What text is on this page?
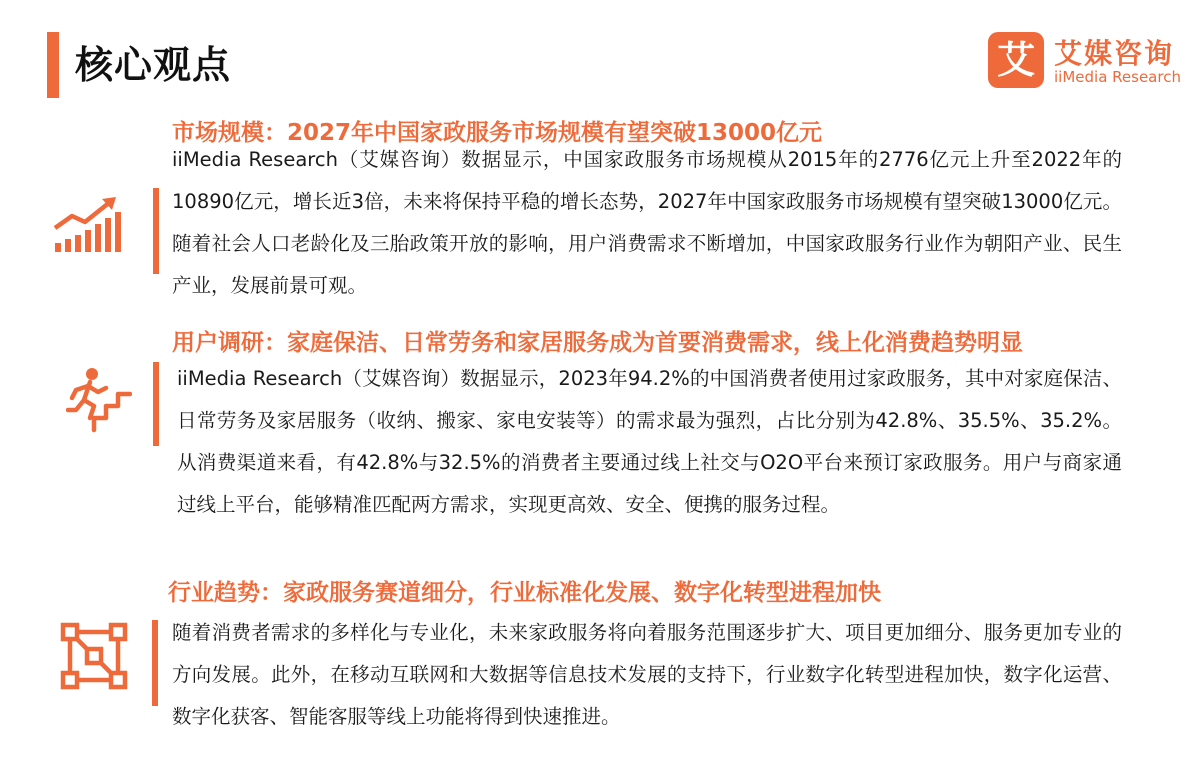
核心观点	艾 艾媒咨询
iiMedia Research
市场规模：2027年中国家政服务市场规模有望突破13000亿元

iiMedia Research（艾媒咨询）数据显示，中国家政服务市场规模从2015年的2776亿元上升至2022年的10890亿元，增长近3倍，未来将保持平稳的增长态势，2027年中国家政服务市场规模有望突破13000亿元。随着社会人口老龄化及三胎政策开放的影响，用户消费需求不断增加，中国家政服务行业作为朝阳产业、民生产业，发展前景可观。

用户调研：家庭保洁、日常劳务和家居服务成为首要消费需求，线上化消费趋势明显

iiMedia Research（艾媒咨询）数据显示，2023年94.2%的中国消费者使用过家政服务，其中对家庭保洁、日常劳务及家居服务（收纳、搬家、家电安装等）的需求最为强烈，占比分别为42.8%、35.5%、35.2%。从消费渠道来看，有42.8%与32.5%的消费者主要通过线上社交与O2O平台来预订家政服务。用户与商家通过线上平台，能够精准匹配两方需求，实现更高效、安全、便携的服务过程。

行业趋势：家政服务赛道细分，行业标准化发展、数字化转型进程加快

随着消费者需求的多样化与专业化，未来家政服务将向着服务范围逐步扩大、项目更加细分、服务更加专业的方向发展。此外，在移动互联网和大数据等信息技术发展的支持下，行业数字化转型进程加快，数字化运营、数字化获客、智能客服等线上功能将得到快速推进。
